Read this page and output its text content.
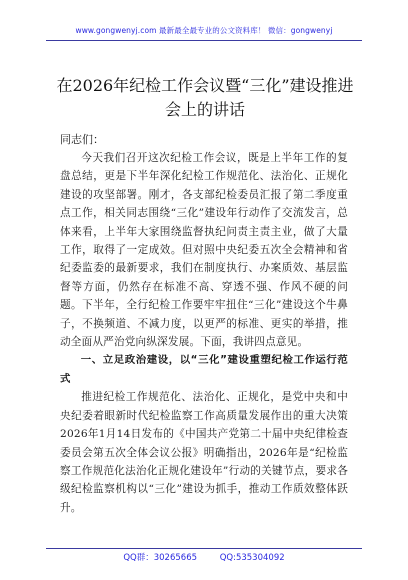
www.gongwenyj.com 最新最全最专业的公文资料库！ 微信：gongwenyj
在2026年纪检工作会议暨“三化”建设推进会上的讲话
同志们：

今天我们召开这次纪检工作会议，既是上半年工作的复盘总结，更是下半年深化纪检工作规范化、法治化、正规化建设的攻坚部署。刚才，各支部纪检委员汇报了第二季度重点工作，相关同志围绕“三化”建设年行动作了交流发言，总体来看，上半年大家围绕监督执纪问责主责主业，做了大量工作，取得了一定成效。但对照中央纪委五次全会精神和省纪委监委的最新要求，我们在制度执行、办案质效、基层监督等方面，仍然存在标准不高、穿透不强、作风不硬的问题。下半年，全行纪检工作要牢牢扭住“三化”建设这个牛鼻子，不换频道、不减力度，以更严的标准、更实的举措，推动全面从严治党向纵深发展。下面，我讲四点意见。

一、立足政治建设，以“三化”建设重塑纪检工作运行范式

推进纪检工作规范化、法治化、正规化，是党中央和中央纪委着眼新时代纪检监察工作高质量发展作出的重大决策2026年1月14日发布的《中国共产党第二十届中央纪律检查委员会第五次全体会议公报》明确指出，2026年是“纪检监察工作规范化法治化正规化建设年”行动的关键节点，要求各级纪检监察机构以“三化”建设为抓手，推动工作质效整体跃升。

QQ群：30265665	QQ:535304092
